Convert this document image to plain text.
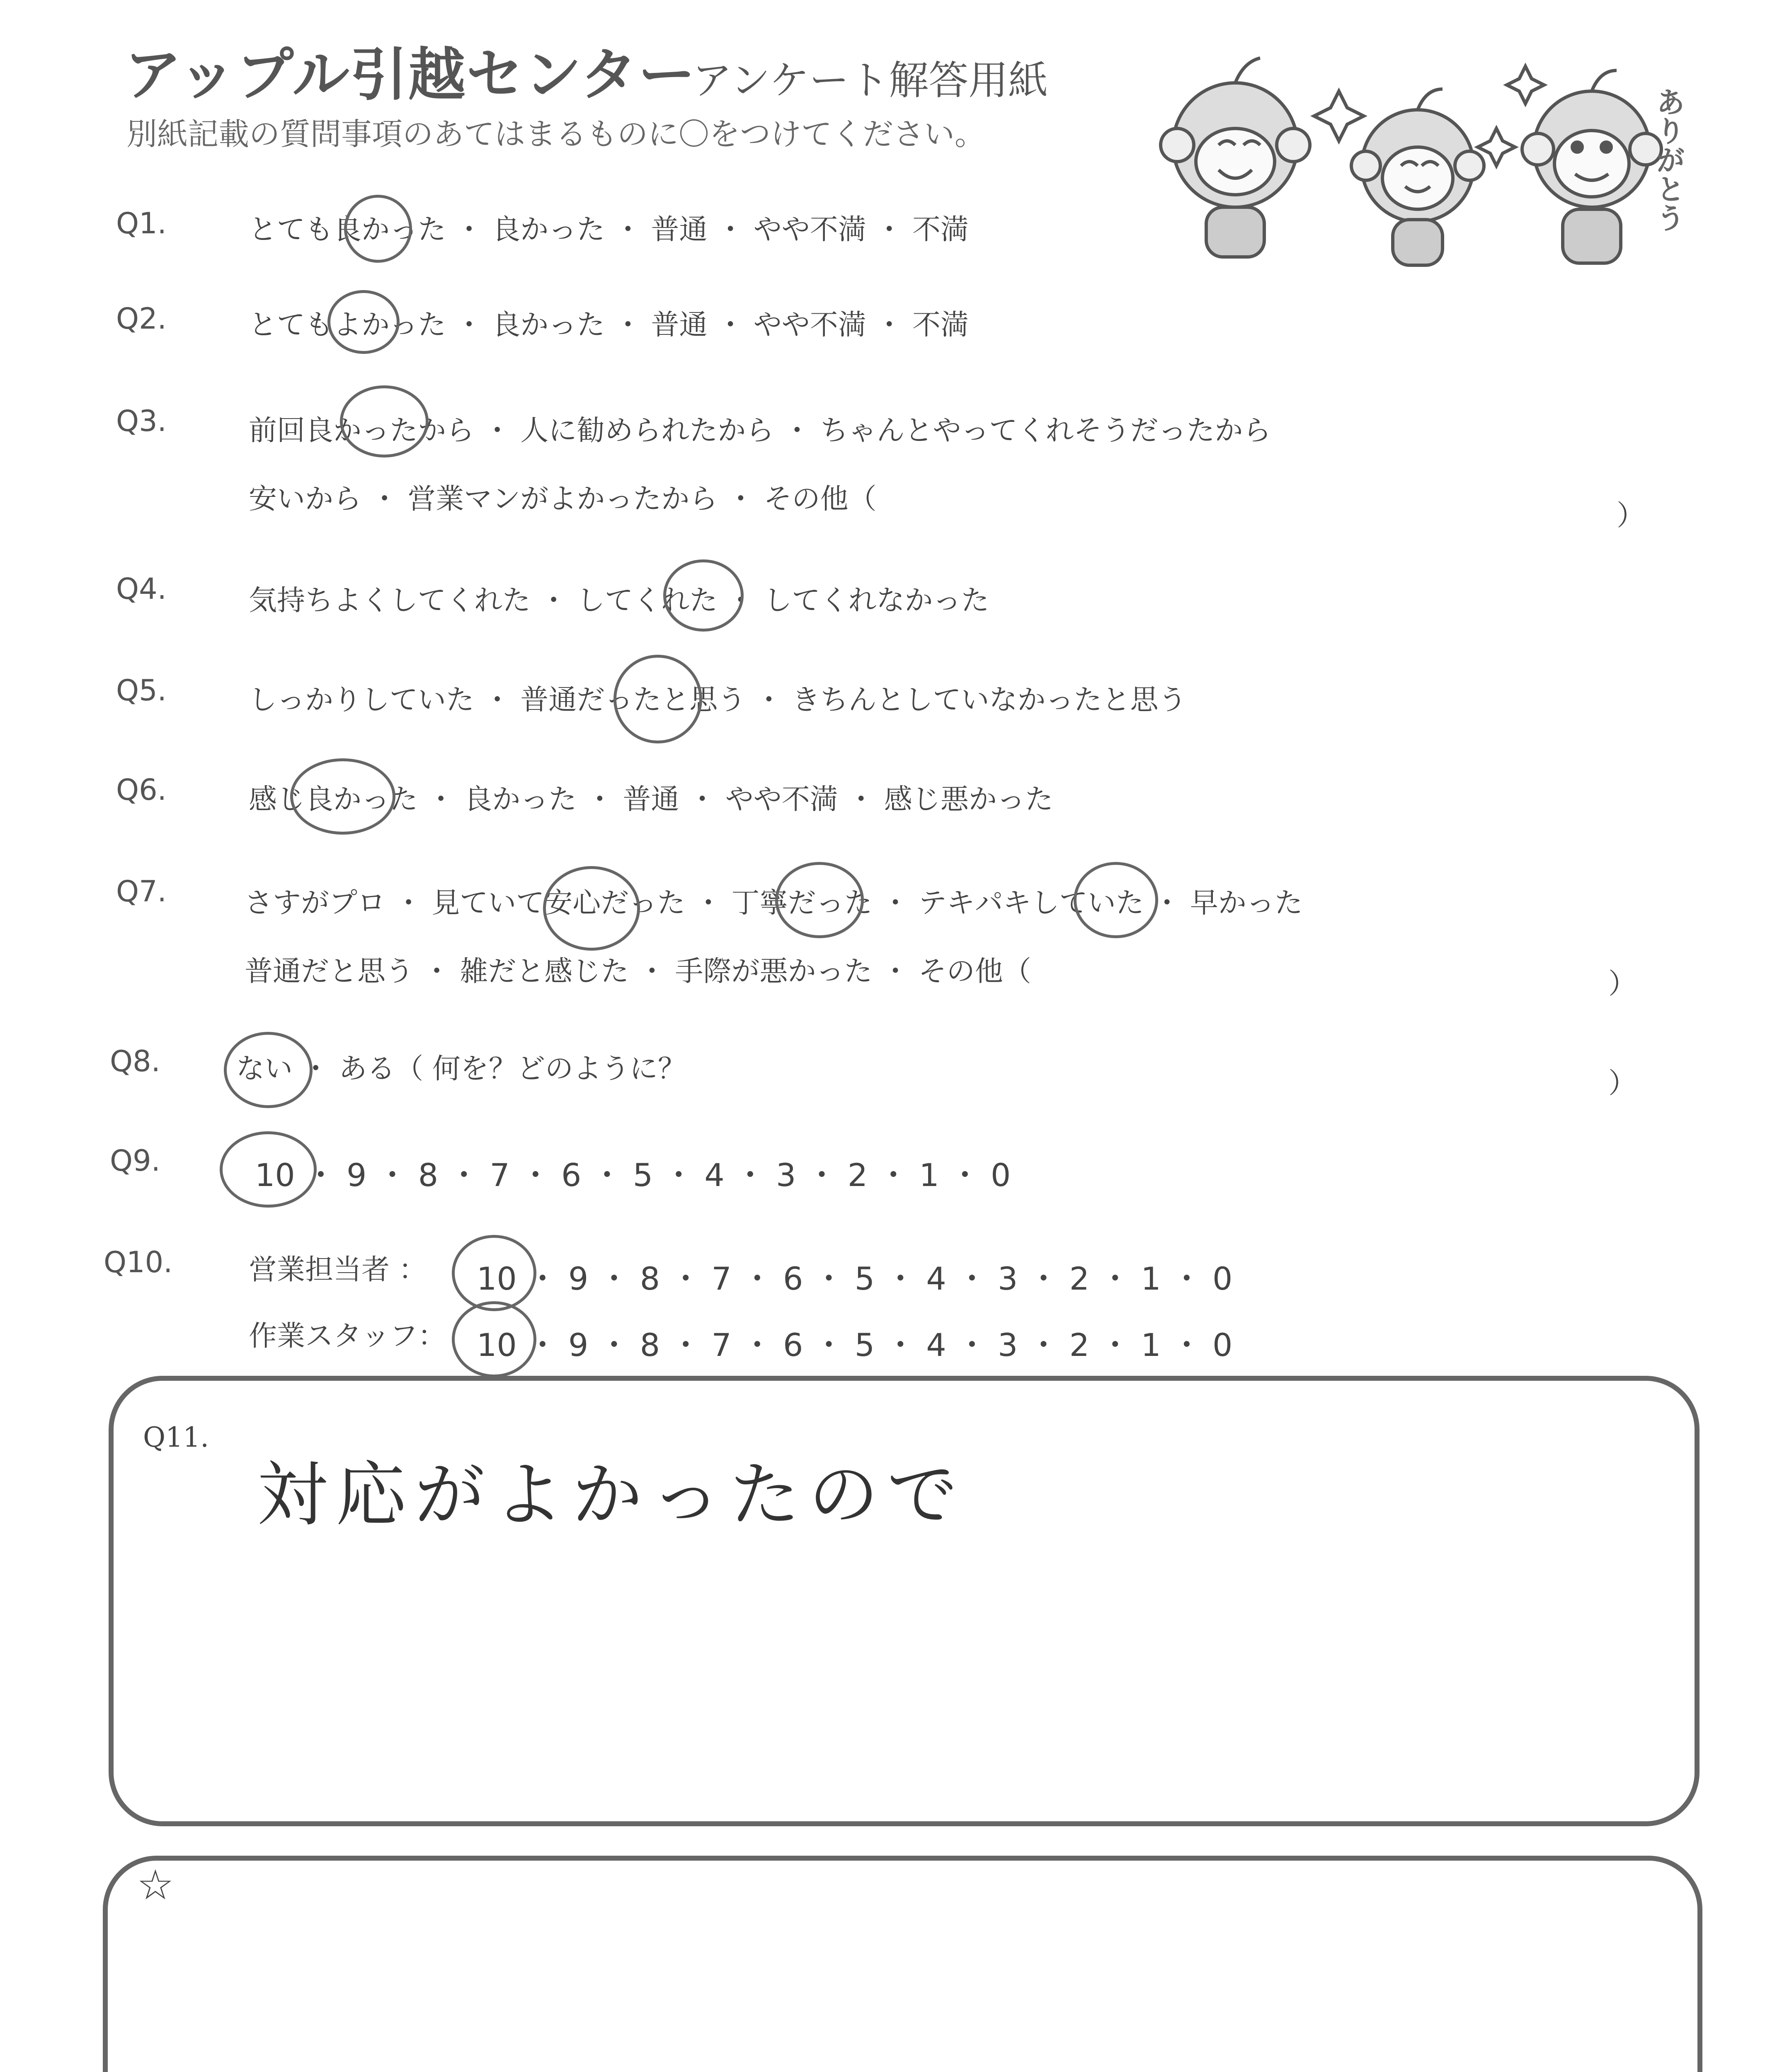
アップル引越センター
アンケート解答用紙
別紙記載の質問事項のあてはまるものに〇をつけてください。	ありがとう
Q1.	とても良かった ・ 良かった ・ 普通 ・ やや不満 ・ 不満
Q2.	とてもよかった ・ 良かった ・ 普通 ・ やや不満 ・ 不満
Q3.	前回良かったから ・ 人に勧められたから ・ ちゃんとやってくれそうだったから
安いから ・ 営業マンがよかったから ・ その他（
）
Q4.	気持ちよくしてくれた ・ してくれた ・ してくれなかった
Q5.	しっかりしていた ・ 普通だったと思う ・ きちんとしていなかったと思う
Q6.	感じ良かった ・ 良かった ・ 普通 ・ やや不満 ・ 感じ悪かった
Q7.	さすがプロ ・ 見ていて安心だった ・ 丁寧だった ・ テキパキしていた ・ 早かった
普通だと思う ・ 雑だと感じた ・ 手際が悪かった ・ その他（	）
Q8.	ない ・ ある（ 何を？どのように？	）
Q9.	10 ・ 9 ・ 8 ・ 7 ・ 6 ・ 5 ・ 4 ・ 3 ・ 2 ・ 1 ・ 0
Q10.	営業担当者 ： 10 ・ 9 ・ 8 ・ 7 ・ 6 ・ 5 ・ 4 ・ 3 ・ 2 ・ 1 ・ 0
作業スタッフ： 10 ・ 9 ・ 8 ・ 7 ・ 6 ・ 5 ・ 4 ・ 3 ・ 2 ・ 1 ・ 0
Q11.
対応がよかったので
☆
